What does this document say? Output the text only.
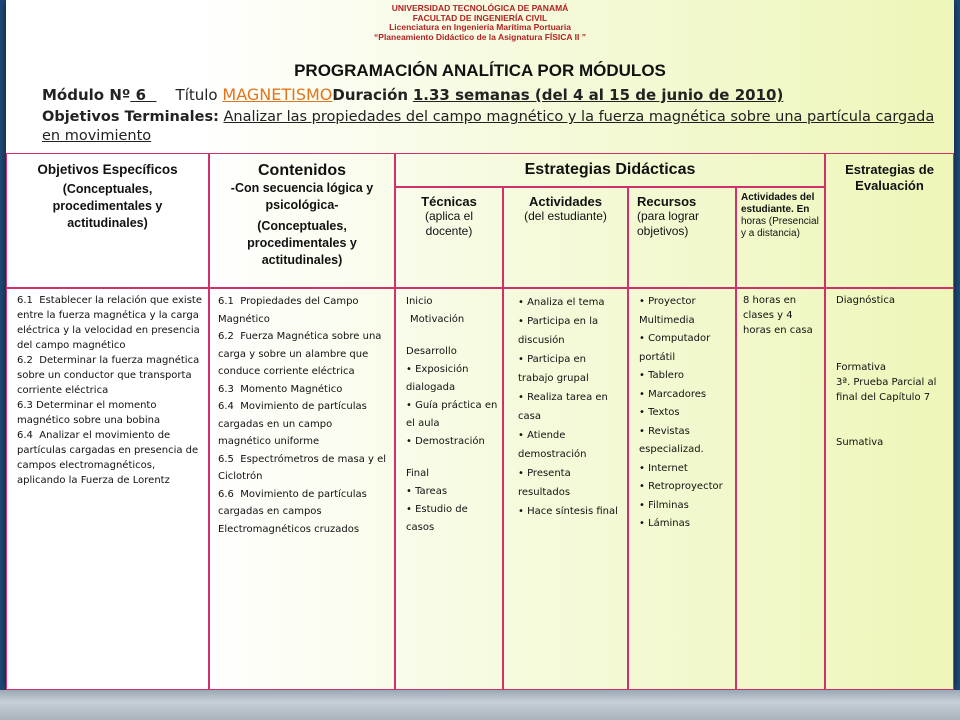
UNIVERSIDAD TECNOLÓGICA DE PANAMÁ
FACULTAD DE INGENIERÍA CIVIL
Licenciatura en Ingeniería Marítima Portuaria
“Planeamiento Didáctico de la Asignatura FÍSICA II ”
PROGRAMACIÓN ANALÍTICA POR MÓDULOS
Módulo Nº 6 Título MAGNETISMODuración 1.33 semanas (del 4 al 15 de junio de 2010)
Objetivos Terminales: Analizar las propiedades del campo magnético y la fuerza magnética sobre una partícula cargada en movimiento
Objetivos Específicos
(Conceptuales, procedimentales y actitudinales)
Contenidos
-Con secuencia lógica y psicológica-
(Conceptuales, procedimentales y actitudinales)
Estrategias Didácticas	Estrategias de Evaluación
Técnicas
(aplica el docente)
Actividades
(del estudiante)
Recursos
(para lograr objetivos)
Actividades del estudiante. En horas (Presencial y a distancia)
6.1 Establecer la relación que existe entre la fuerza magnética y la carga eléctrica y la velocidad en presencia del campo magnético
6.2 Determinar la fuerza magnética sobre un conductor que transporta corriente eléctrica
6.3 Determinar el momento magnético sobre una bobina
6.4 Analizar el movimiento de partículas cargadas en presencia de campos electromagnéticos, aplicando la Fuerza de Lorentz
6.1 Propiedades del Campo Magnético
6.2 Fuerza Magnética sobre una carga y sobre un alambre que conduce corriente eléctrica
6.3 Momento Magnético
6.4 Movimiento de partículas cargadas en un campo magnético uniforme
6.5 Espectrómetros de masa y el Ciclotrón
6.6 Movimiento de partículas cargadas en campos Electromagnéticos cruzados
Inicio
Motivación
Desarrollo
• Exposición dialogada
• Guía práctica en el aula
• Demostración
Final
• Tareas
• Estudio de casos
• Analiza el tema
• Participa en la discusión
• Participa en trabajo grupal
• Realiza tarea en casa
• Atiende demostración
• Presenta resultados
• Hace síntesis final
• Proyector Multimedia
• Computador portátil
• Tablero
• Marcadores
• Textos
• Revistas especializad.
• Internet
• Retroproyector
• Filminas
• Láminas
8 horas en clases y 4 horas en casa
Diagnóstica
Formativa
3ª. Prueba Parcial al final del Capítulo 7
Sumativa
